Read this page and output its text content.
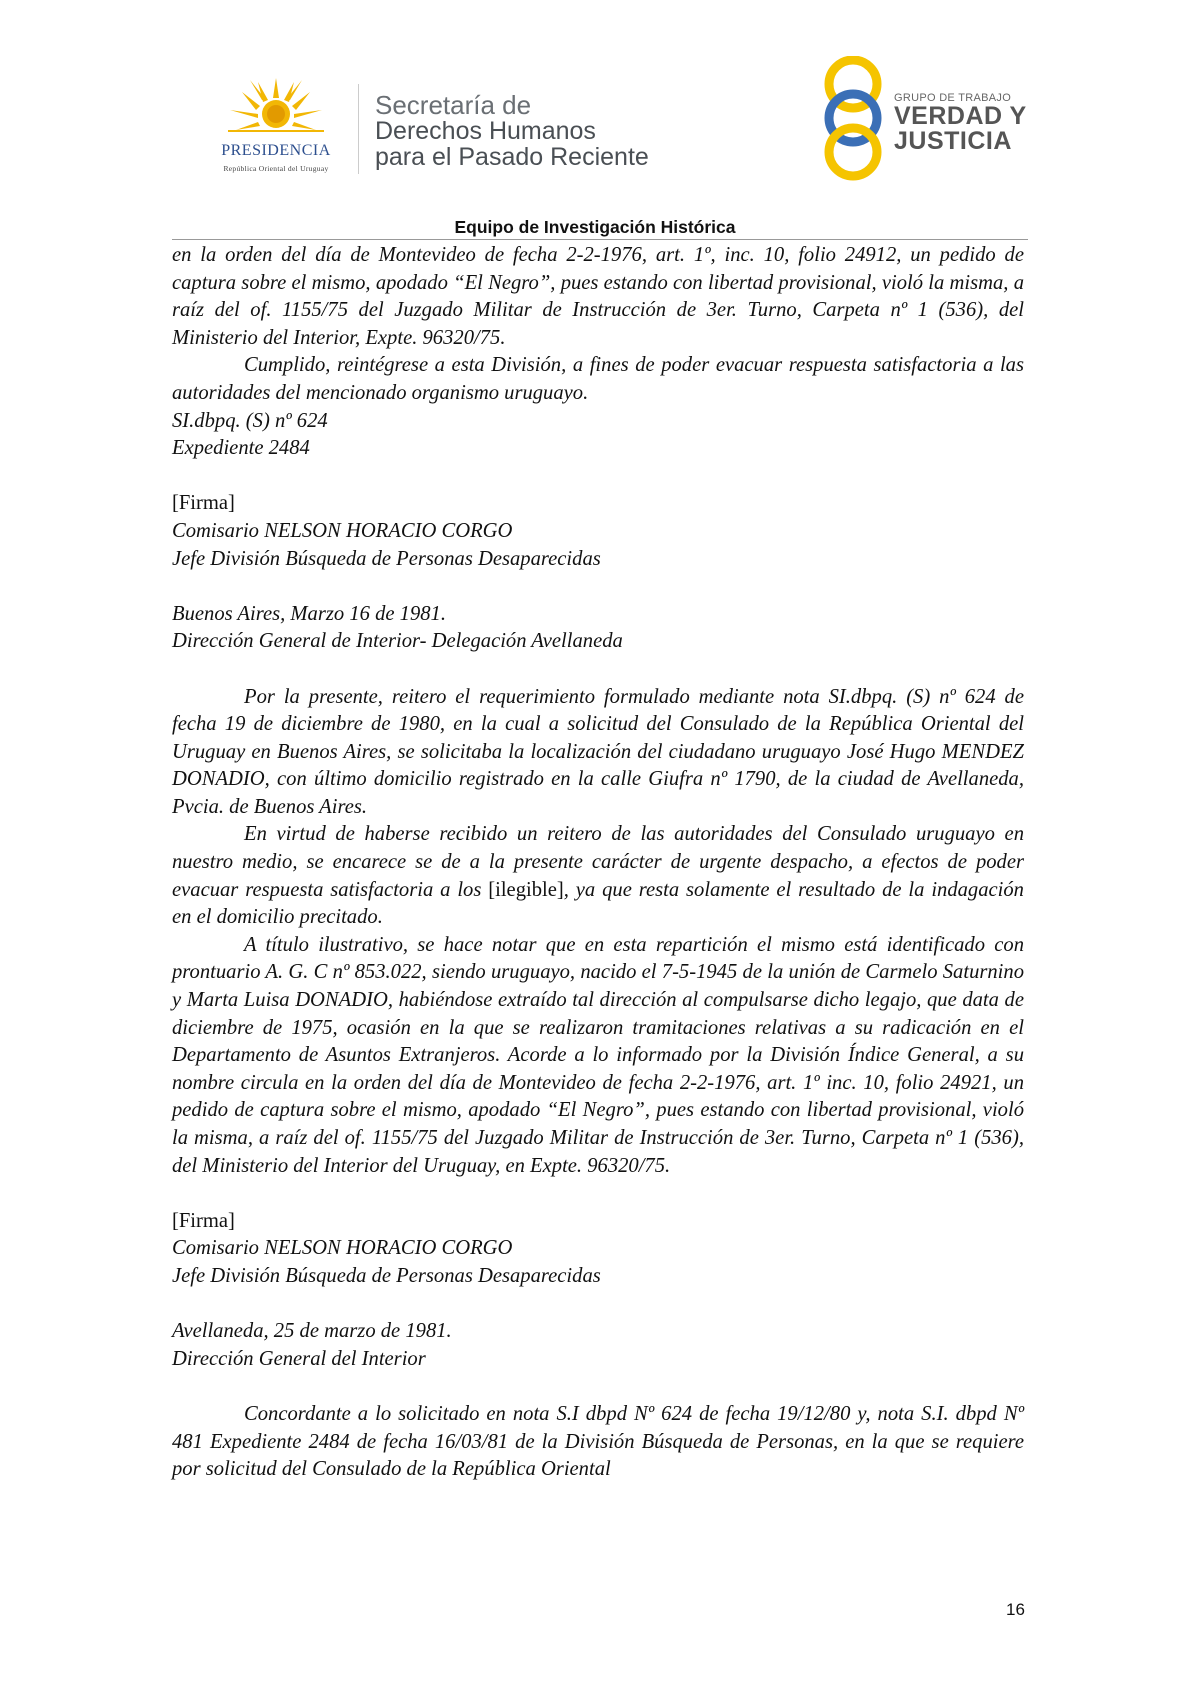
PRESIDENCIA
República Oriental del Uruguay
Secretaría de
Derechos Humanos
para el Pasado Reciente
GRUPO DE TRABAJO
VERDAD Y
JUSTICIA
Equipo de Investigación Histórica

en la orden del día de Montevideo de fecha 2-2-1976, art. 1º, inc. 10, folio 24912, un pedido de captura sobre el mismo, apodado “El Negro”, pues estando con libertad provisional, violó la misma, a raíz del of. 1155/75 del Juzgado Militar de Instrucción de 3er. Turno, Carpeta nº 1 (536), del Ministerio del Interior, Expte. 96320/75.

Cumplido, reintégrese a esta División, a fines de poder evacuar respuesta satisfactoria a las autoridades del mencionado organismo uruguayo.

SI.dbpq. (S) nº 624

Expediente 2484

[Firma]

Comisario NELSON HORACIO CORGO

Jefe División Búsqueda de Personas Desaparecidas

Buenos Aires, Marzo 16 de 1981.

Dirección General de Interior- Delegación Avellaneda

Por la presente, reitero el requerimiento formulado mediante nota SI.dbpq. (S) nº 624 de fecha 19 de diciembre de 1980, en la cual a solicitud del Consulado de la República Oriental del Uruguay en Buenos Aires, se solicitaba la localización del ciudadano uruguayo José Hugo MENDEZ DONADIO, con último domicilio registrado en la calle Giufra nº 1790, de la ciudad de Avellaneda, Pvcia. de Buenos Aires.

En virtud de haberse recibido un reitero de las autoridades del Consulado uruguayo en nuestro medio, se encarece se de a la presente carácter de urgente despacho, a efectos de poder evacuar respuesta satisfactoria a los [ilegible], ya que resta solamente el resultado de la indagación en el domicilio precitado.

A título ilustrativo, se hace notar que en esta repartición el mismo está identificado con prontuario A. G. C nº 853.022, siendo uruguayo, nacido el 7-5-1945 de la unión de Carmelo Saturnino y Marta Luisa DONADIO, habiéndose extraído tal dirección al compulsarse dicho legajo, que data de diciembre de 1975, ocasión en la que se realizaron tramitaciones relativas a su radicación en el Departamento de Asuntos Extranjeros. Acorde a lo informado por la División Índice General, a su nombre circula en la orden del día de Montevideo de fecha 2-2-1976, art. 1º inc. 10, folio 24921, un pedido de captura sobre el mismo, apodado “El Negro”, pues estando con libertad provisional, violó la misma, a raíz del of. 1155/75 del Juzgado Militar de Instrucción de 3er. Turno, Carpeta nº 1 (536), del Ministerio del Interior del Uruguay, en Expte. 96320/75.

[Firma]

Comisario NELSON HORACIO CORGO

Jefe División Búsqueda de Personas Desaparecidas

Avellaneda, 25 de marzo de 1981.

Dirección General del Interior

Concordante a lo solicitado en nota S.I dbpd Nº 624 de fecha 19/12/80 y, nota S.I. dbpd Nº 481 Expediente 2484 de fecha 16/03/81 de la División Búsqueda de Personas, en la que se requiere por solicitud del Consulado de la República Oriental

16
